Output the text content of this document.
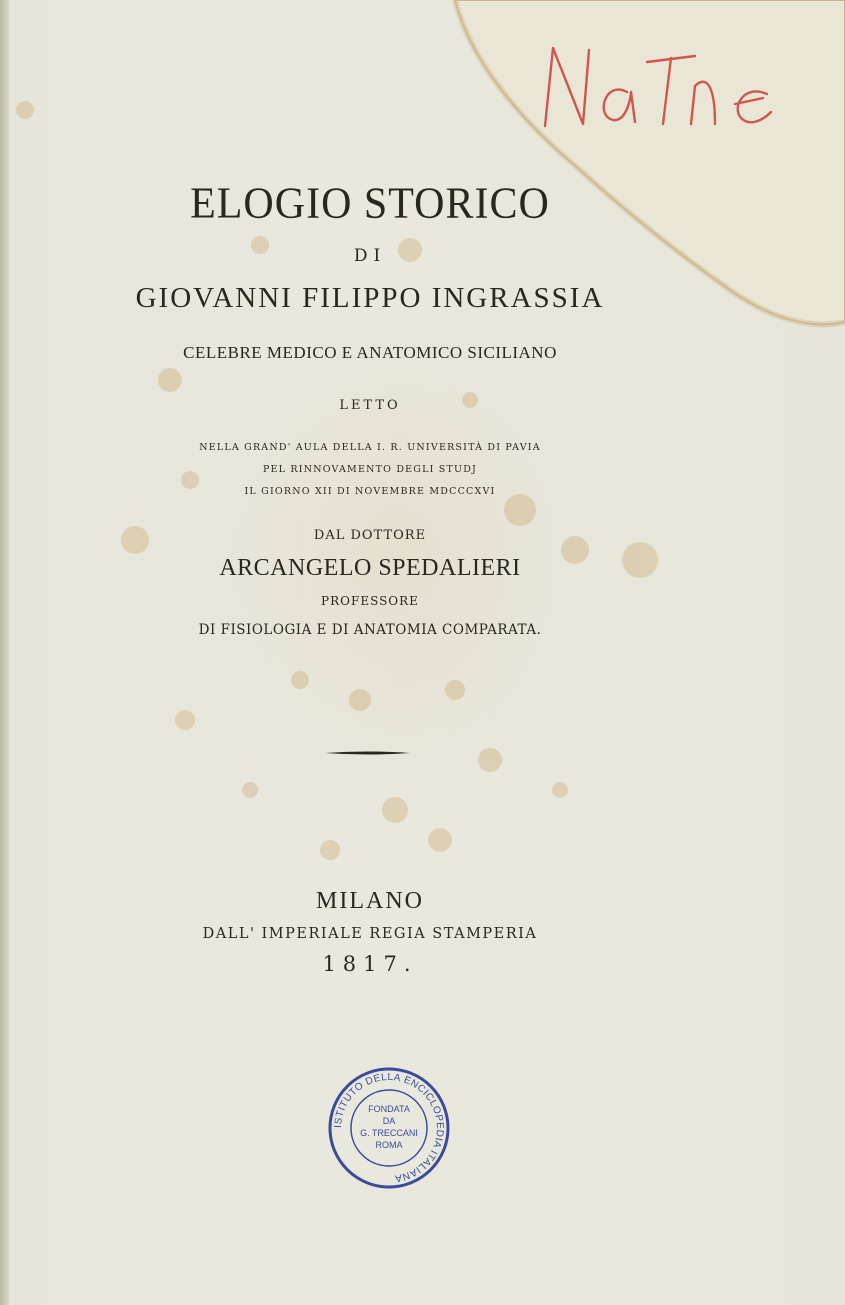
ELOGIO STORICO
DI
GIOVANNI FILIPPO INGRASSIA
CELEBRE MEDICO E ANATOMICO SICILIANO
LETTO
NELLA GRAND' AULA DELLA I. R. UNIVERSITÀ DI PAVIA
PEL RINNOVAMENTO DEGLI STUDJ
IL GIORNO XII DI NOVEMBRE MDCCCXVI
DAL DOTTORE
ARCANGELO SPEDALIERI
PROFESSORE
DI FISIOLOGIA E DI ANATOMIA COMPARATA.
MILANO
DALL' IMPERIALE REGIA STAMPERIA
1817.
ISTITUTO DELLA ENCICLOPEDIA ITALIANA
FONDATA
DA
G. TRECCANI
ROMA
